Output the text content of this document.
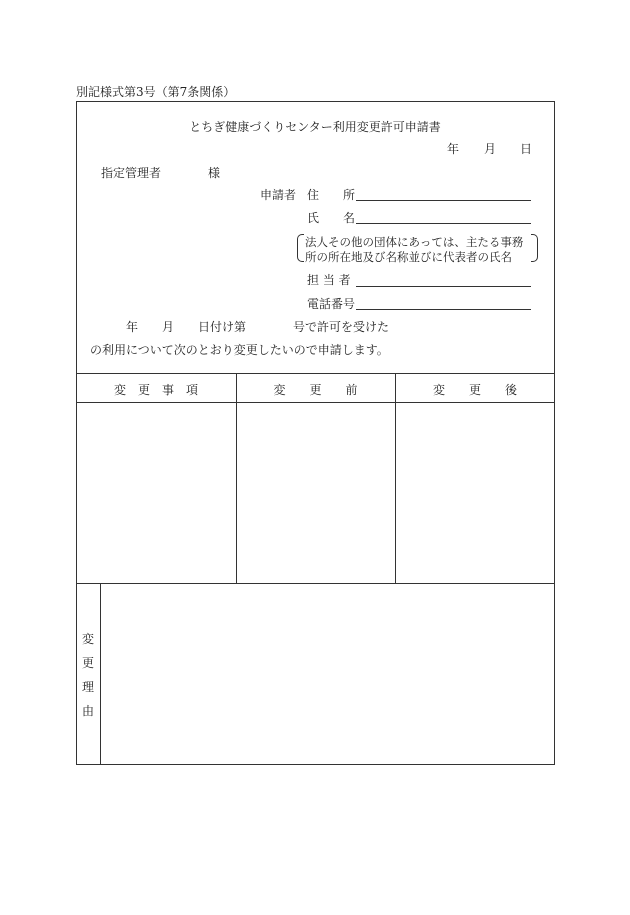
別記様式第3号（第7条関係）
とちぎ健康づくりセンター利用変更許可申請書
年 月 日
指定管理者	様
申請者 住　　所
氏　　名
法人その他の団体にあっては、主たる事務
所の所在地及び名称並びに代表者の氏名
担 当 者
電話番号
年 月 日付け第	号で許可を受けた
の利用について次のとおり変更したいので申請します。
変　更　事　項	変　　更　　前	変　　更　　後
変
更
理
由
